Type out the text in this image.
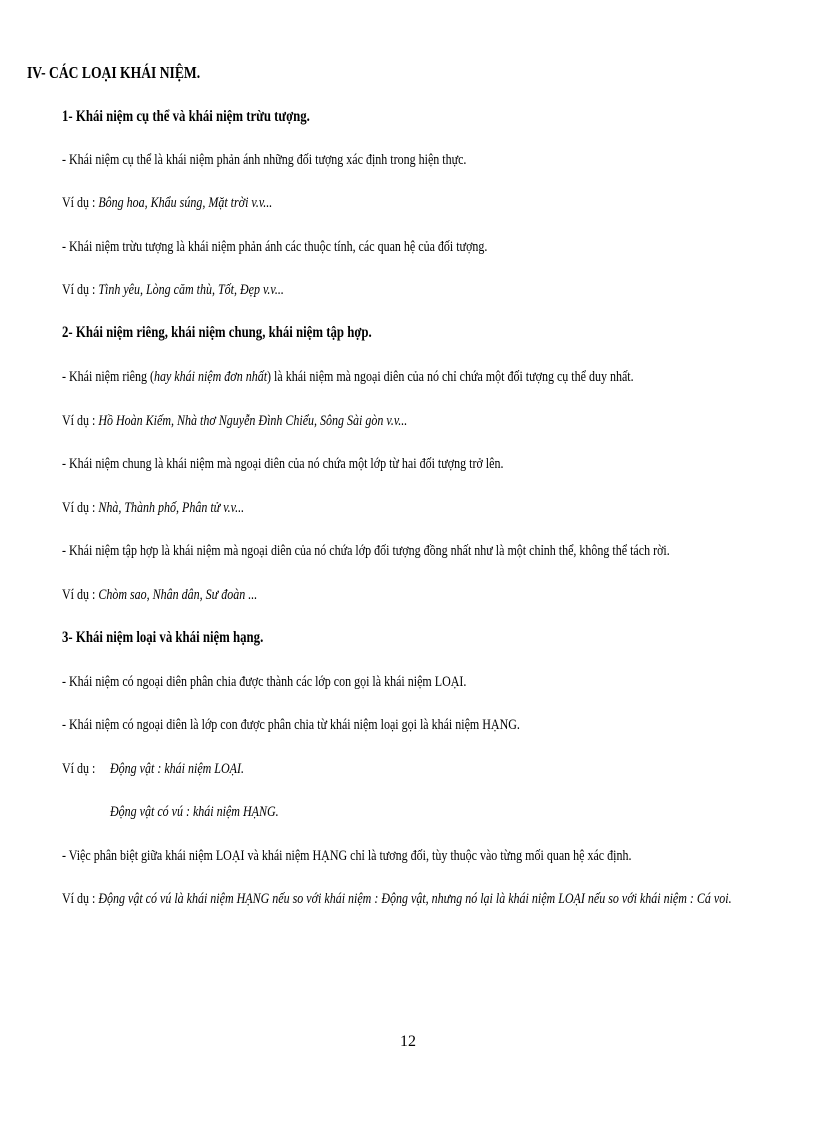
IV- CÁC LOẠI KHÁI NIỆM.
1- Khái niệm cụ thể và khái niệm trừu tượng.
- Khái niệm cụ thể là khái niệm phản ánh những đối tượng xác định trong hiện thực.
Ví dụ : Bông hoa, Khẩu súng, Mặt trời v.v...
- Khái niệm trừu tượng là khái niệm phản ánh các thuộc tính, các quan hệ của đối tượng.
Ví dụ : Tình yêu, Lòng căm thù, Tốt, Đẹp v.v...
2- Khái niệm riêng, khái niệm chung, khái niệm tập hợp.
- Khái niệm riêng (hay khái niệm đơn nhất) là khái niệm mà ngoại diên của nó chỉ chứa một đối tượng cụ thể duy nhất.
Ví dụ : Hồ Hoàn Kiếm, Nhà thơ Nguyễn Đình Chiểu, Sông Sài gòn v.v...
- Khái niệm chung là khái niệm mà ngoại diên của nó chứa một lớp từ hai đối tượng trở lên.
Ví dụ : Nhà, Thành phố, Phân tử v.v...
- Khái niệm tập hợp là khái niệm mà ngoại diên của nó chứa lớp đối tượng đồng nhất như là một chỉnh thể, không thể tách rời.
Ví dụ : Chòm sao, Nhân dân, Sư đoàn ...
3- Khái niệm loại và khái niệm hạng.
- Khái niệm có ngoại diên phân chia được thành các lớp con gọi là khái niệm LOẠI.
- Khái niệm có ngoại diên là lớp con được phân chia từ khái niệm loại gọi là khái niệm HẠNG.
Ví dụ : Động vật : khái niệm LOẠI.
Động vật có vú : khái niệm HẠNG.
- Việc phân biệt giữa khái niệm LOẠI và khái niệm HẠNG chỉ là tương đối, tùy thuộc vào từng mối quan hệ xác định.
Ví dụ : Động vật có vú là khái niệm HẠNG nếu so với khái niệm : Động vật, nhưng nó lại là khái niệm LOẠI nếu so với khái niệm : Cá voi.
12
